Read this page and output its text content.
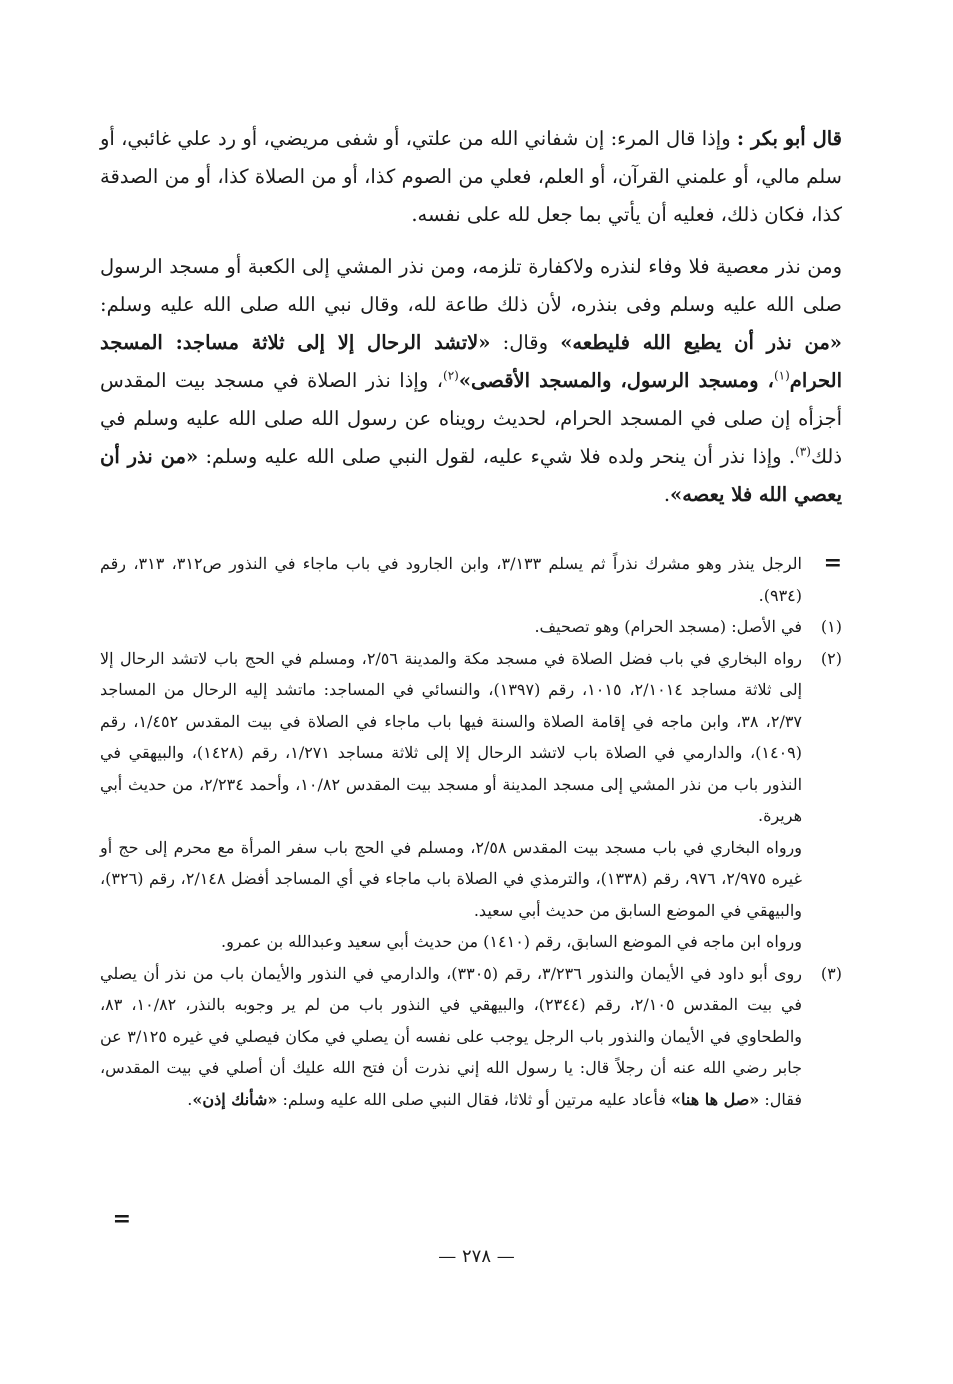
قال أبو بكر : وإذا قال المرء: إن شفاني الله من علتي، أو شفى مريضي، أو رد علي غائبي، أو سلم مالي، أو علمني القرآن، أو العلم، فعلي من الصوم كذا، أو من الصلاة كذا، أو من الصدقة كذا، فكان ذلك، فعليه أن يأتي بما جعل لله على نفسه.

ومن نذر معصية فلا وفاء لنذره ولاكفارة تلزمه، ومن نذر المشي إلى الكعبة أو مسجد الرسول صلى الله عليه وسلم وفى بنذره، لأن ذلك طاعة لله، وقال نبي الله صلى الله عليه وسلم: «من نذر أن يطيع الله فليطعه» وقال: «لاتشد الرحال إلا إلى ثلاثة مساجد: المسجد الحرام$^{(١)}$، ومسجد الرسول، والمسجد الأقصى»$^{(٢)}$، وإذا نذر الصلاة في مسجد بيت المقدس أجزأه إن صلى في المسجد الحرام، لحديث رويناه عن رسول الله صلى الله عليه وسلم في ذلك$^{(٣)}$. وإذا نذر أن ينحر ولده فلا شيء عليه، لقول النبي صلى الله عليه وسلم: «من نذر أن يعصي الله فلا يعصه».

=
الرجل ينذر وهو مشرك نذراً ثم يسلم ٣/١٣٣، وابن الجارود في باب ماجاء في النذور ص٣١٢، ٣١٣، رقم (٩٣٤).
(١)
في الأصل: (مسجد الحرام) وهو تصحيف.
(٢)

رواه البخاري في باب فضل الصلاة في مسجد مكة والمدينة ٢/٥٦، ومسلم في الحج باب لاتشد الرحال إلا إلى ثلاثة مساجد ٢/١٠١٤، ١٠١٥، رقم (١٣٩٧)، والنسائي في المساجد: ماتشد إليه الرحال من المساجد ٢/٣٧، ٣٨، وابن ماجه في إقامة الصلاة والسنة فيها باب ماجاء في الصلاة في بيت المقدس ١/٤٥٢، رقم (١٤٠٩)، والدارمي في الصلاة باب لاتشد الرحال إلا إلى ثلاثة مساجد ١/٢٧١، رقم (١٤٢٨)، والبيهقي في النذور باب من نذر المشي إلى مسجد المدينة أو مسجد بيت المقدس ١٠/٨٢، وأحمد ٢/٢٣٤، من حديث أبي هريرة.

ورواه البخاري في باب مسجد بيت المقدس ٢/٥٨، ومسلم في الحج باب سفر المرأة مع محرم إلى حج أو غيره ٢/٩٧٥، ٩٧٦، رقم (١٣٣٨)، والترمذي في الصلاة باب ماجاء في أي المساجد أفضل ٢/١٤٨، رقم (٣٢٦)، والبيهقي في الموضع السابق من حديث أبي سعيد.

ورواه ابن ماجه في الموضع السابق، رقم (١٤١٠) من حديث أبي سعيد وعبدالله بن عمرو.

(٣)
روى أبو داود في الأيمان والنذور ٣/٢٣٦، رقم (٣٣٠٥)، والدارمي في النذور والأيمان باب من نذر أن يصلي في بيت المقدس ٢/١٠٥، رقم (٢٣٤٤)، والبيهقي في النذور باب من لم ير وجوبه بالنذر، ١٠/٨٢، ٨٣، والطحاوي في الأيمان والنذور باب الرجل يوجب على نفسه أن يصلي في مكان فيصلي في غيره ٣/١٢٥ عن جابر رضي الله عنه أن رجلاً قال: يا رسول الله إني نذرت أن فتح الله عليك أن أصلي في بيت المقدس، فقال: «صل ها هنا» فأعاد عليه مرتين أو ثلاثا، فقال النبي صلى الله عليه وسلم: «شأنك إذن».
=
— ٢٧٨ —
